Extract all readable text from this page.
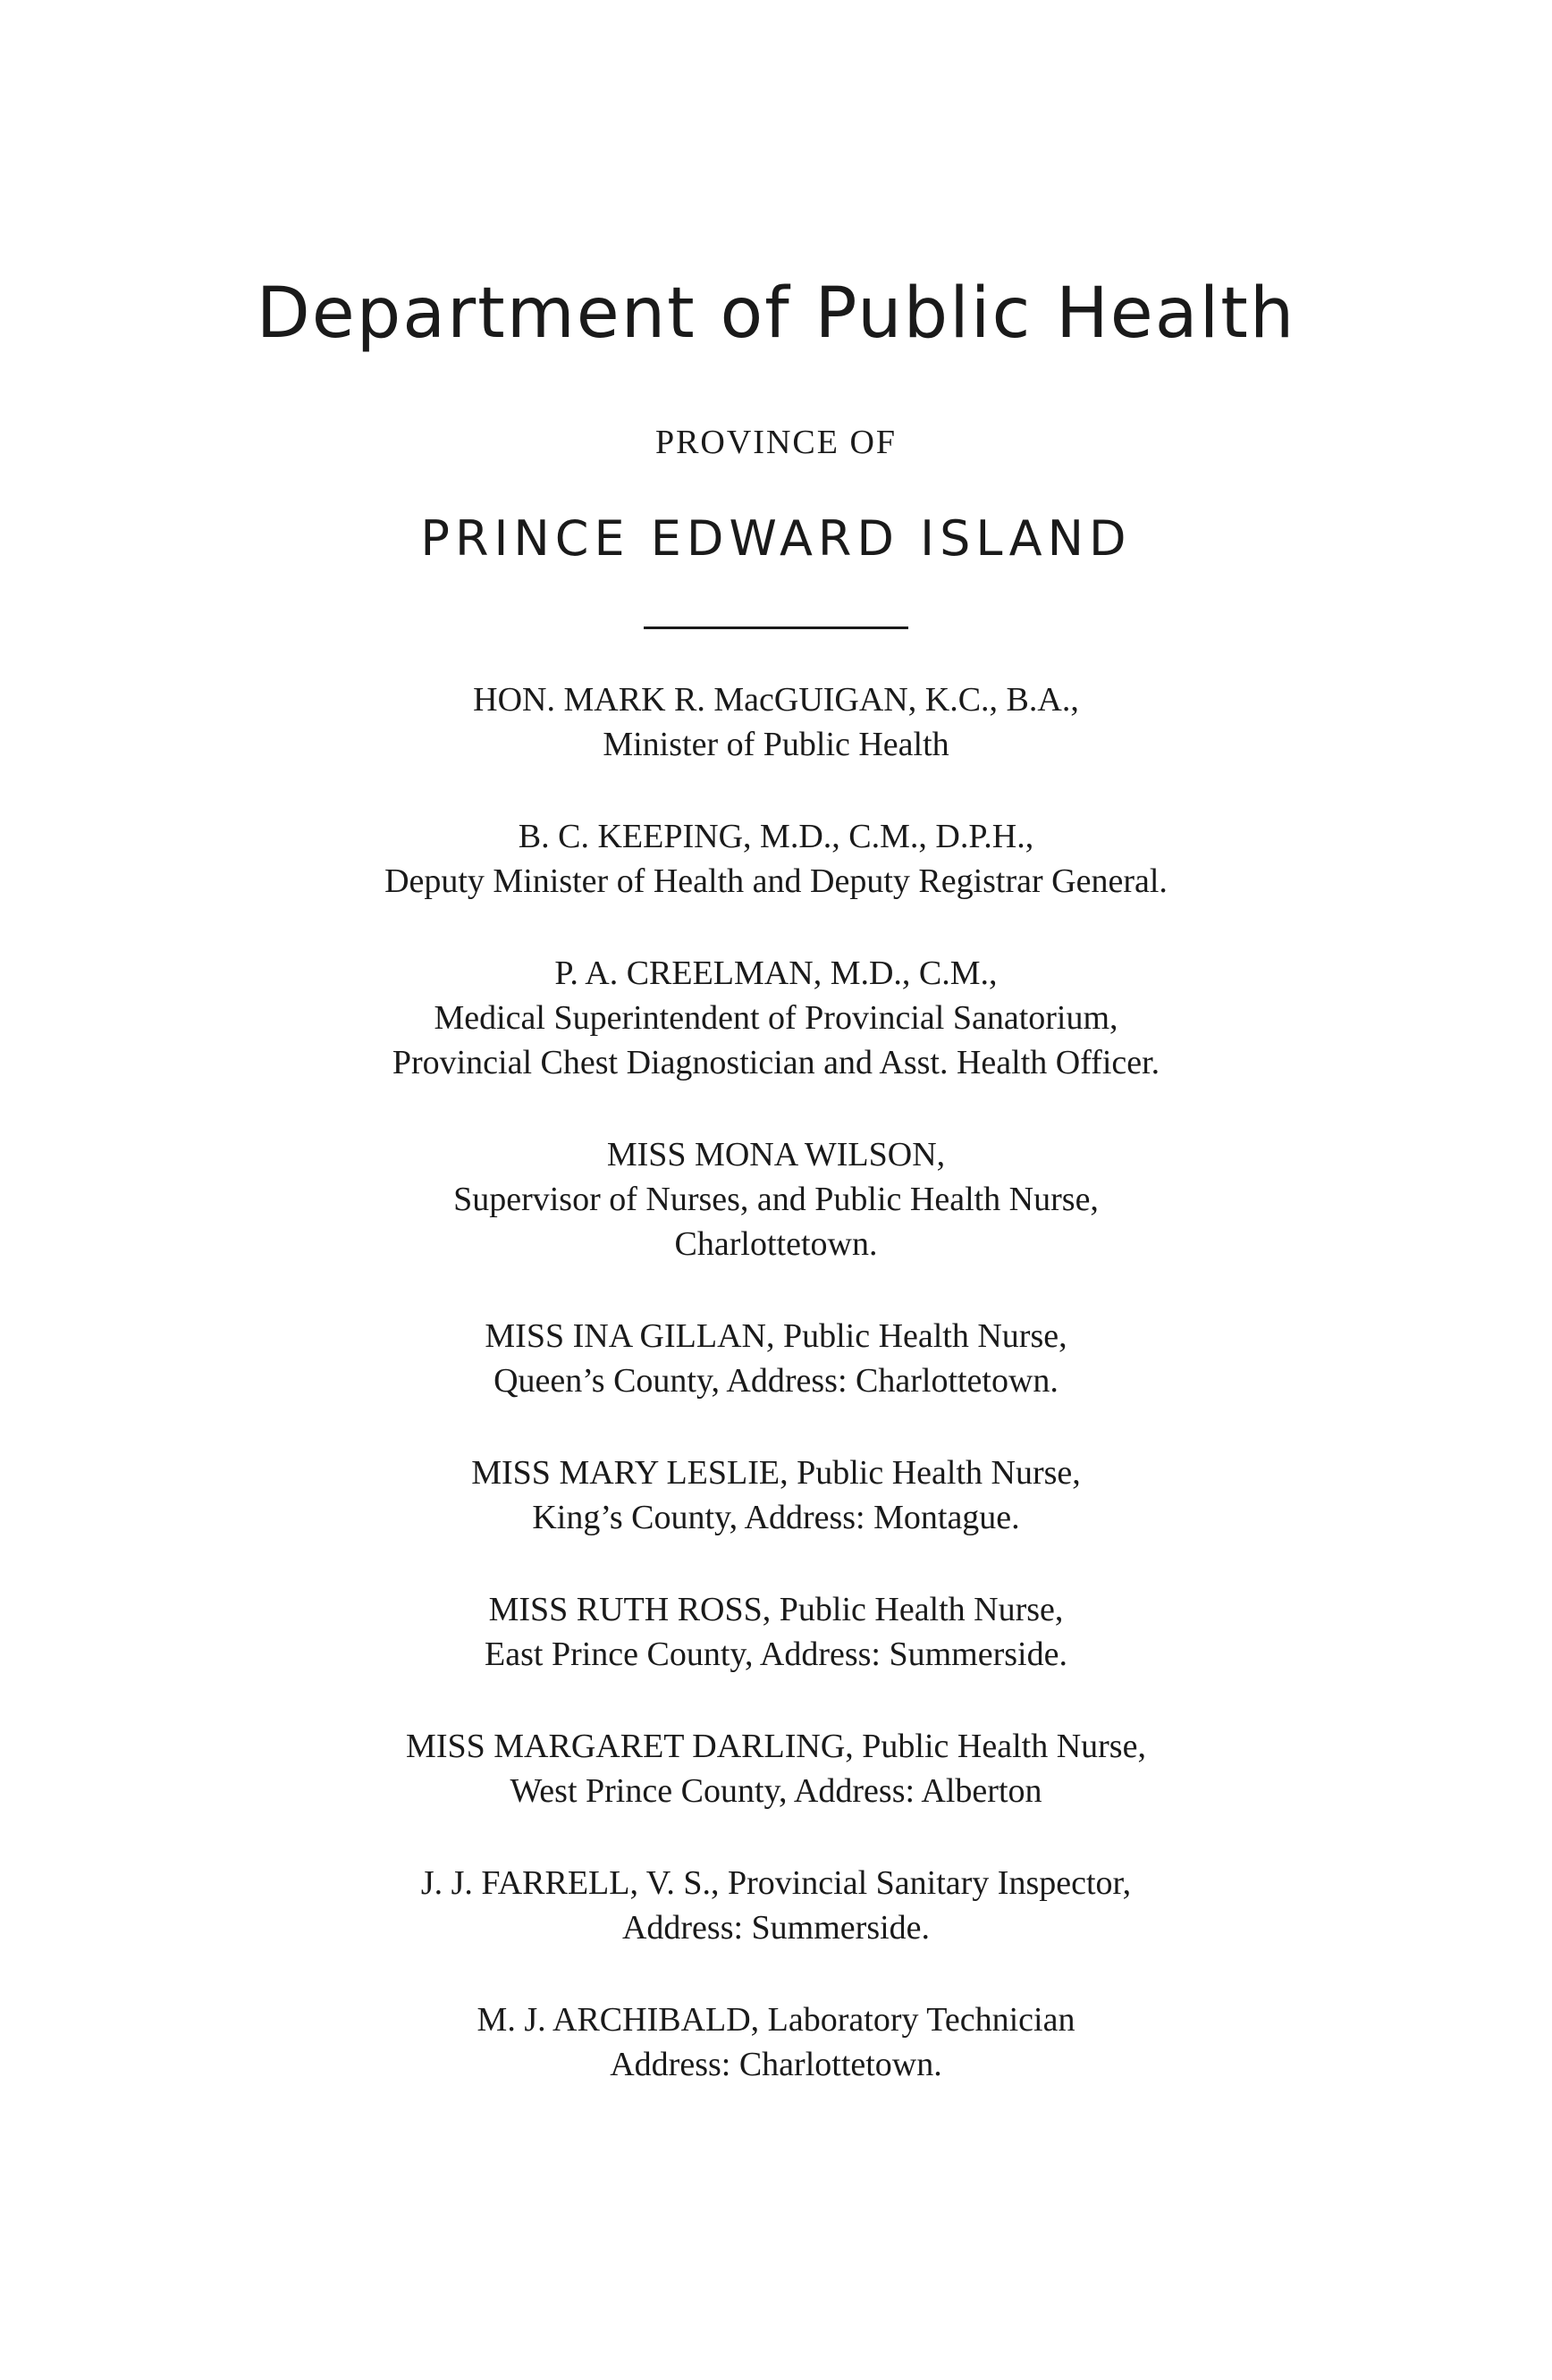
Department of Public Health
PROVINCE OF
PRINCE EDWARD ISLAND
HON. MARK R. MacGUIGAN, K.C., B.A.,
Minister of Public Health
B. C. KEEPING, M.D., C.M., D.P.H.,
Deputy Minister of Health and Deputy Registrar General.
P. A. CREELMAN, M.D., C.M.,
Medical Superintendent of Provincial Sanatorium,
Provincial Chest Diagnostician and Asst. Health Officer.
MISS MONA WILSON,
Supervisor of Nurses, and Public Health Nurse,
Charlottetown.
MISS INA GILLAN, Public Health Nurse,
Queen’s County, Address: Charlottetown.
MISS MARY LESLIE, Public Health Nurse,
King’s County, Address: Montague.
MISS RUTH ROSS, Public Health Nurse,
East Prince County, Address: Summerside.
MISS MARGARET DARLING, Public Health Nurse,
West Prince County, Address: Alberton
J. J. FARRELL, V. S., Provincial Sanitary Inspector,
Address: Summerside.
M. J. ARCHIBALD, Laboratory Technician
Address: Charlottetown.
